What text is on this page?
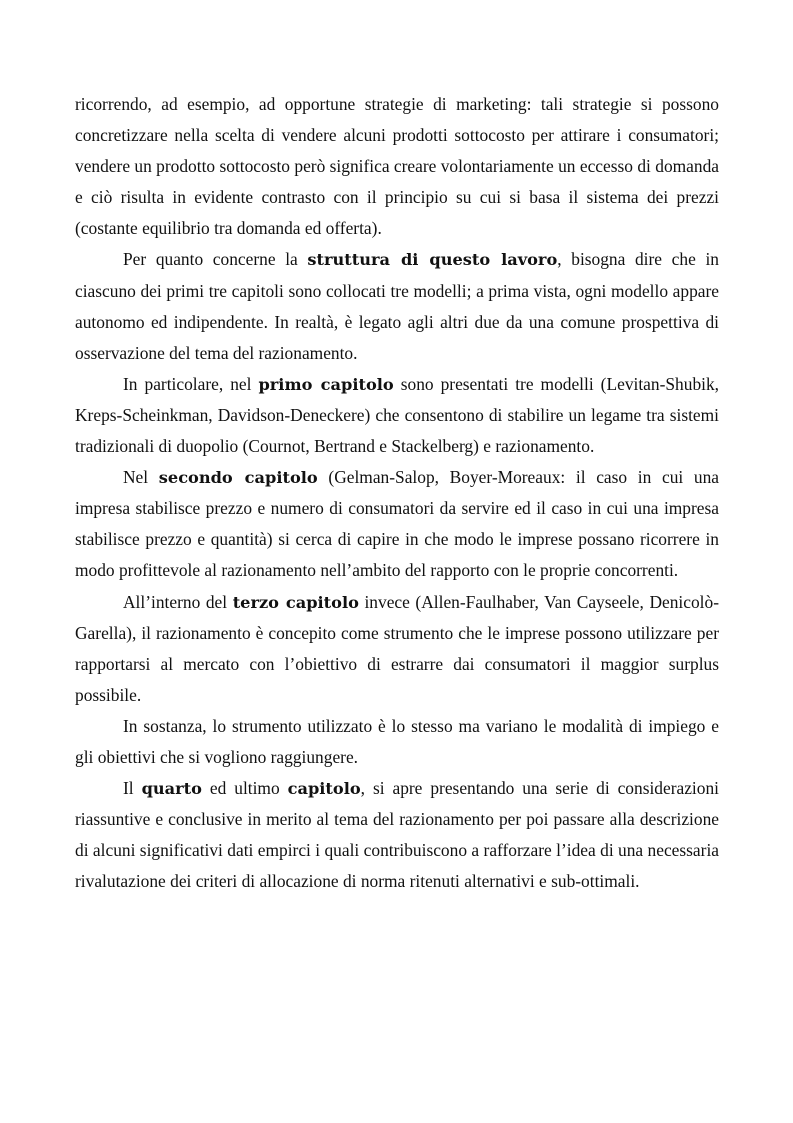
ricorrendo, ad esempio, ad opportune strategie di marketing: tali strategie si possono concretizzare nella scelta di vendere alcuni prodotti sottocosto per attirare i consumatori; vendere un prodotto sottocosto però significa creare volontariamente un eccesso di domanda e ciò risulta in evidente contrasto con il principio su cui si basa il sistema dei prezzi (costante equilibrio tra domanda ed offerta).

Per quanto concerne la struttura di questo lavoro, bisogna dire che in ciascuno dei primi tre capitoli sono collocati tre modelli; a prima vista, ogni modello appare autonomo ed indipendente. In realtà, è legato agli altri due da una comune prospettiva di osservazione del tema del razionamento.

In particolare, nel primo capitolo sono presentati tre modelli (Levitan-Shubik, Kreps-Scheinkman, Davidson-Deneckere) che consentono di stabilire un legame tra sistemi tradizionali di duopolio (Cournot, Bertrand e Stackelberg) e razionamento.

Nel secondo capitolo (Gelman-Salop, Boyer-Moreaux: il caso in cui una impresa stabilisce prezzo e numero di consumatori da servire ed il caso in cui una impresa stabilisce prezzo e quantità) si cerca di capire in che modo le imprese possano ricorrere in modo profittevole al razionamento nell’ambito del rapporto con le proprie concorrenti.

All’interno del terzo capitolo invece (Allen-Faulhaber, Van Cayseele, Denicolò-Garella), il razionamento è concepito come strumento che le imprese possono utilizzare per rapportarsi al mercato con l’obiettivo di estrarre dai consumatori il maggior surplus possibile.

In sostanza, lo strumento utilizzato è lo stesso ma variano le modalità di impiego e gli obiettivi che si vogliono raggiungere.

Il quarto ed ultimo capitolo, si apre presentando una serie di considerazioni riassuntive e conclusive in merito al tema del razionamento per poi passare alla descrizione di alcuni significativi dati empirci i quali contribuiscono a rafforzare l’idea di una necessaria rivalutazione dei criteri di allocazione di norma ritenuti alternativi e sub-ottimali.
